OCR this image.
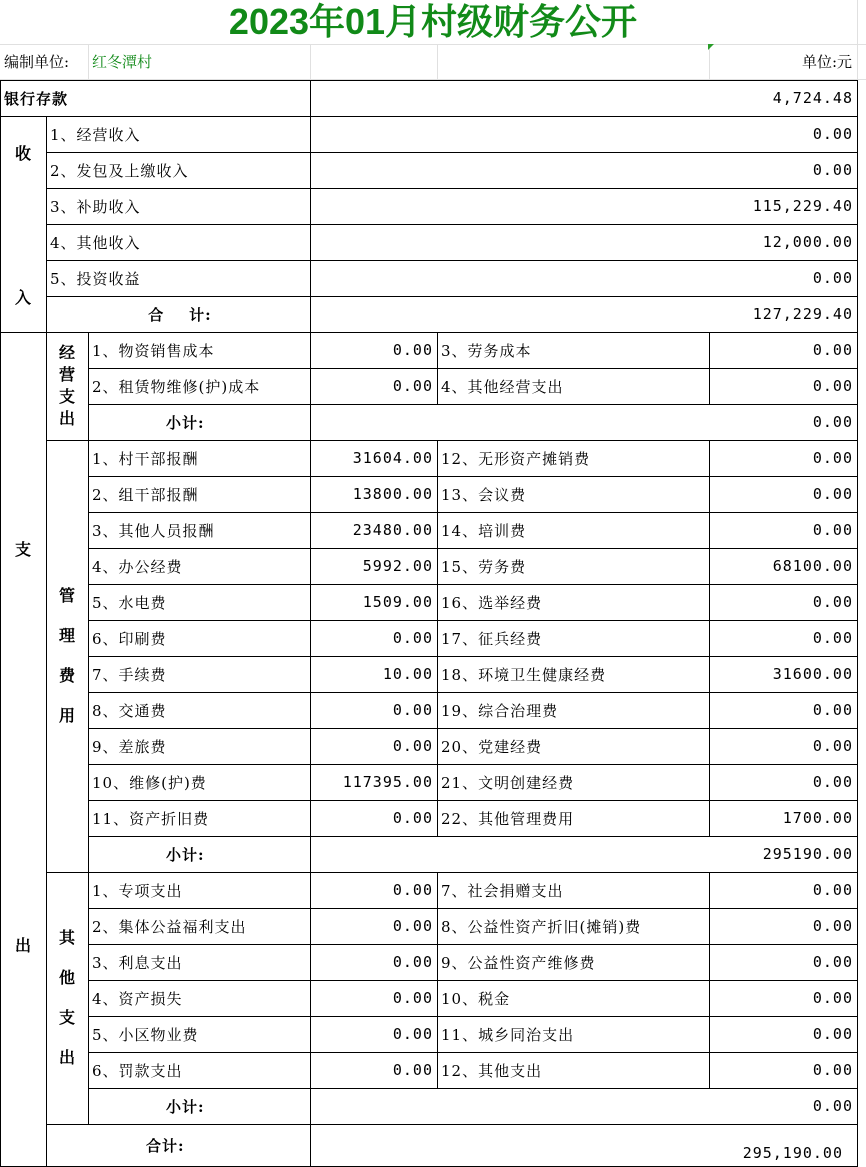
2023年01月村级财务公开
编制单位:	红冬潭村	单位:元
银行存款	4,724.48
收
入
1、经营收入	0.00
2、发包及上缴收入	0.00
3、补助收入	115,229.40
4、其他收入	12,000.00
5、投资收益	0.00
合    计:	127,229.40
支
出
经
营
支
出
1、物资销售成本	0.00 3、劳务成本	0.00
2、租赁物维修(护)成本	0.00 4、其他经营支出	0.00
小计:	0.00
管
理
费
用
1、村干部报酬	31604.00 12、无形资产摊销费	0.00
2、组干部报酬	13800.00 13、会议费	0.00
3、其他人员报酬	23480.00 14、培训费	0.00
4、办公经费	5992.00 15、劳务费	68100.00
5、水电费	1509.00 16、选举经费	0.00
6、印刷费	0.00 17、征兵经费	0.00
7、手续费	10.00 18、环境卫生健康经费	31600.00
8、交通费	0.00 19、综合治理费	0.00
9、差旅费	0.00 20、党建经费	0.00
10、维修(护)费	117395.00 21、文明创建经费	0.00
11、资产折旧费	0.00 22、其他管理费用	1700.00
小计:	295190.00
其
他
支
出
1、专项支出	0.00 7、社会捐赠支出	0.00
2、集体公益福利支出	0.00 8、公益性资产折旧(摊销)费	0.00
3、利息支出	0.00 9、公益性资产维修费	0.00
4、资产损失	0.00 10、税金	0.00
5、小区物业费	0.00 11、城乡同治支出	0.00
6、罚款支出	0.00 12、其他支出	0.00
小计:	0.00
合计:	295,190.00
